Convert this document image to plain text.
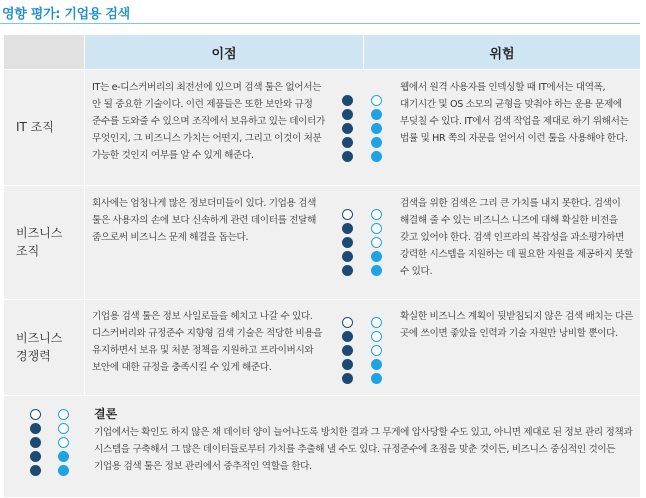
영향 평가: 기업용 검색
이점	위험
IT 조직
IT는 e-디스커버리의 최전선에 있으며 검색 툴은 없어서는 안 될 중요한 기술이다. 이런 제품들은 또한 보안와 규정 준수를 도와줄 수 있으며 조직에서 보유하고 있는 데이터가 무엇인지, 그 비즈니스 가치는 어떤지, 그리고 이것이 처분 가능한 것인지 여부를 알 수 있게 해준다.
웹에서 원격 사용자를 인덱싱할 때 IT에서는 대역폭, 대기시간 및 OS 소모의 균형을 맞춰야 하는 운용 문제에 부딪칠 수 있다. IT에서 검색 작업을 제대로 하기 위해서는 법률 및 HR 쪽의 자문을 얻어서 이런 툴을 사용해야 한다.
비즈니스
조직
회사에는 엄청나게 많은 정보더미들이 있다. 기업용 검색 툴은 사용자의 손에 보다 신속하게 관련 데이터를 전달해 줌으로써 비즈니스 문제 해결을 돕는다.
검색을 위한 검색은 그리 큰 가치를 내지 못한다. 검색이 해결해 줄 수 있는 비즈니스 니즈에 대해 확실한 비전을 갖고 있어야 한다. 검색 인프라의 복잡성을 과소평가하면 강력한 시스템을 지원하는 데 필요한 자원을 제공하지 못할 수 있다.
비즈니스
경쟁력
기업용 검색 툴은 정보 사일로들을 헤치고 나갈 수 있다. 디스커버리와 규정준수 지향형 검색 기술은 적당한 비용을 유지하면서 보유 및 처분 정책을 지원하고 프라이버시와 보안에 대한 규정을 충족시킬 수 있게 해준다.
확실한 비즈니스 계획이 뒷받침되지 않은 검색 배치는 다른 곳에 쓰이면 좋았을 인력과 기술 자원만 낭비할 뿐이다.
결론
기업에서는 확인도 하지 않은 채 데이터 양이 늘어나도록 방치한 결과 그 무게에 압사당할 수도 있고, 아니면 제대로 된 정보 관리 정책과 시스템을 구축해서 그 많은 데이터들로부터 가치를 추출해 낼 수도 있다. 규정준수에 초점을 맞춘 것이든, 비즈니스 중심적인 것이든 기업용 검색 툴은 정보 관리에서 중추적인 역할을 한다.
